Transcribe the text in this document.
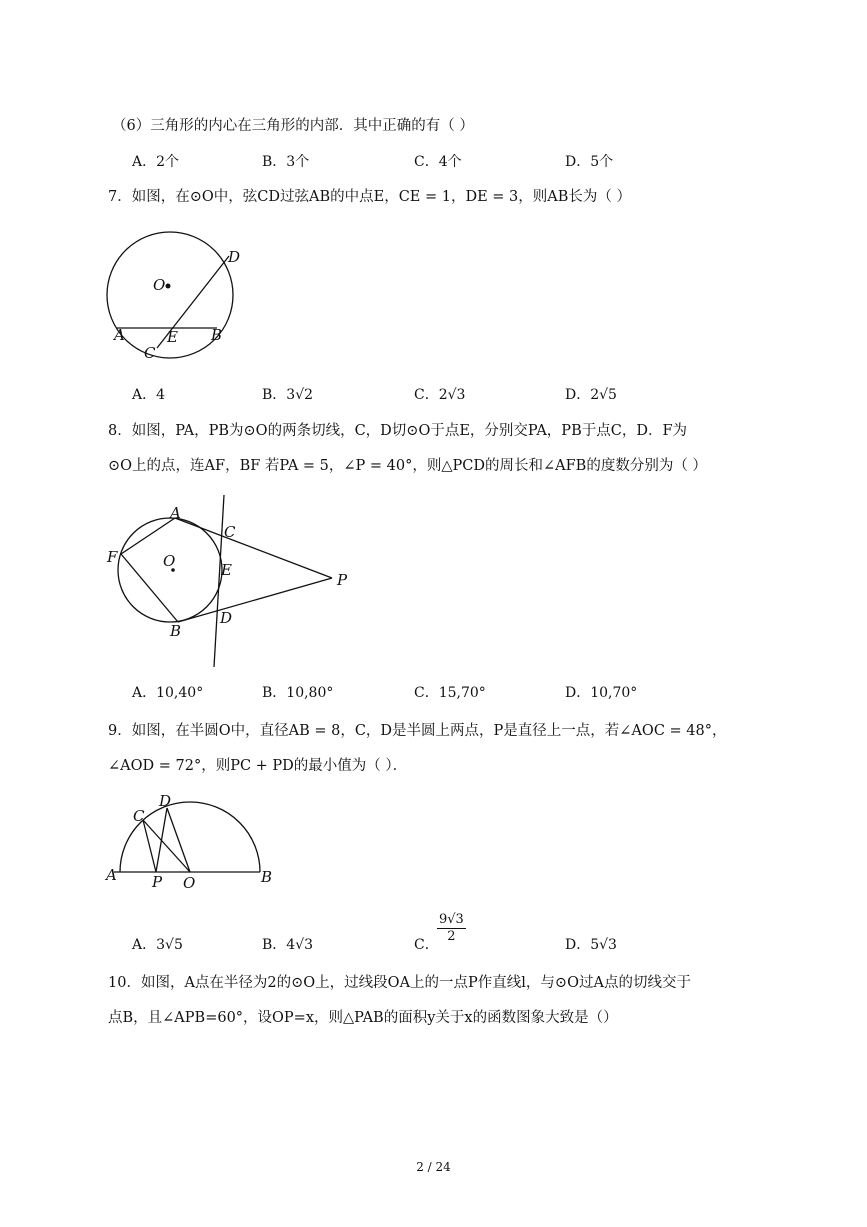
（6）三角形的内心在三角形的内部．其中正确的有（ ）
A．2个	B．3个	C．4个	D．5个
7．如图，在⊙O中，弦CD过弦AB的中点E，CE = 1，DE = 3，则AB长为（ ）
O
D
A	E B
C
A．4	B．3√2	C．2√3	D．2√5
8．如图，PA，PB为⊙O的两条切线，C，D切⊙O于点E，分别交PA，PB于点C，D．F为
⊙O上的点，连AF，BF 若PA = 5，∠P = 40°，则△PCD的周长和∠AFB的度数分别为（ ）
A
C
F	O	E
P
B
D
A．10,40°	B．10,80°	C．15,70°	D．10,70°
9．如图，在半圆O中，直径AB = 8，C，D是半圆上两点，P是直径上一点，若∠AOC = 48°，
∠AOD = 72°，则PC + PD的最小值为（ ）．
D
C
A P O	B
A．3√5	B．4√3	C．
$\frac{9√3}{2}$	D．5√3
10．如图，A点在半径为2的⊙O上，过线段OA上的一点P作直线l，与⊙O过A点的切线交于
点B，且∠APB=60°，设OP=x，则△PAB的面积y关于x的函数图象大致是（）
2 / 24
